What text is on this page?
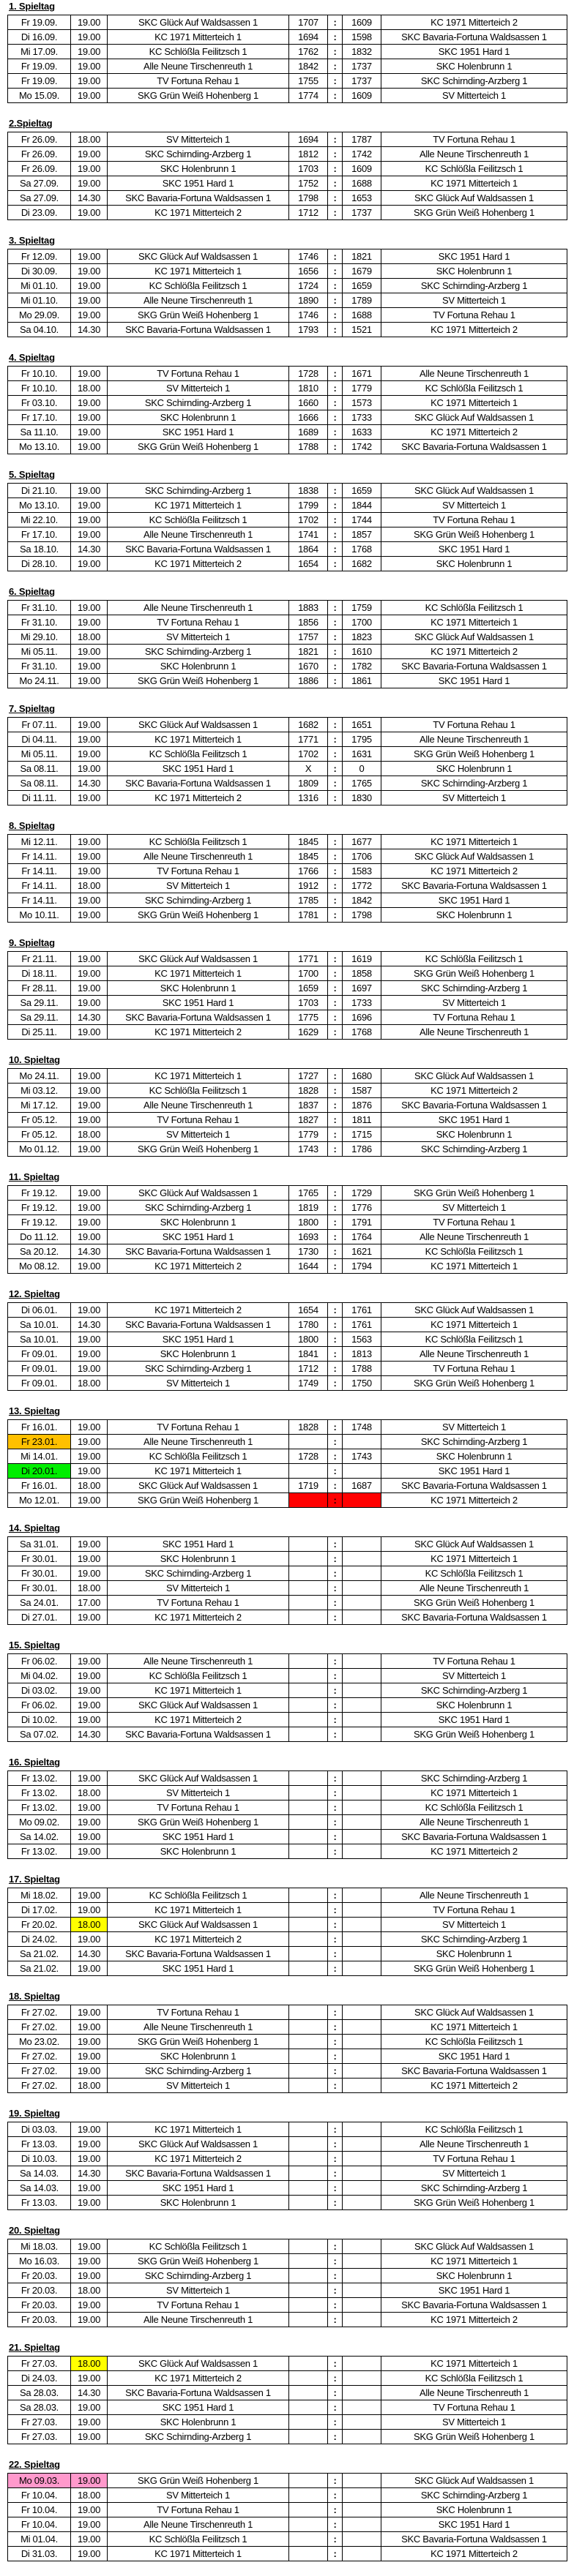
1. Spieltag
Fr 19.09.	19.00	SKC Glück Auf Waldsassen 1	1707	:	1609	KC 1971 Mitterteich 2
Di 16.09.	19.00	KC 1971 Mitterteich 1	1694	:	1598	SKC Bavaria-Fortuna Waldsassen 1
Mi 17.09.	19.00	KC Schlößla Feilitzsch 1	1762	:	1832	SKC 1951 Hard 1
Fr 19.09.	19.00	Alle Neune Tirschenreuth 1	1842	:	1737	SKC Holenbrunn 1
Fr 19.09.	19.00	TV Fortuna Rehau 1	1755	:	1737	SKC Schirnding-Arzberg 1
Mo 15.09.	19.00	SKG Grün Weiß Hohenberg 1	1774	:	1609	SV Mitterteich 1
2.Spieltag
Fr 26.09.	18.00	SV Mitterteich 1	1694	:	1787	TV Fortuna Rehau 1
Fr 26.09.	19.00	SKC Schirnding-Arzberg 1	1812	:	1742	Alle Neune Tirschenreuth 1
Fr 26.09.	19.00	SKC Holenbrunn 1	1703	:	1609	KC Schlößla Feilitzsch 1
Sa 27.09.	19.00	SKC 1951 Hard 1	1752	:	1688	KC 1971 Mitterteich 1
Sa 27.09.	14.30	SKC Bavaria-Fortuna Waldsassen 1	1798	:	1653	SKC Glück Auf Waldsassen 1
Di 23.09.	19.00	KC 1971 Mitterteich 2	1712	:	1737	SKG Grün Weiß Hohenberg 1
3. Spieltag
Fr 12.09.	19.00	SKC Glück Auf Waldsassen 1	1746	:	1821	SKC 1951 Hard 1
Di 30.09.	19.00	KC 1971 Mitterteich 1	1656	:	1679	SKC Holenbrunn 1
Mi 01.10.	19.00	KC Schlößla Feilitzsch 1	1724	:	1659	SKC Schirnding-Arzberg 1
Mi 01.10.	19.00	Alle Neune Tirschenreuth 1	1890	:	1789	SV Mitterteich 1
Mo 29.09.	19.00	SKG Grün Weiß Hohenberg 1	1746	:	1688	TV Fortuna Rehau 1
Sa 04.10.	14.30	SKC Bavaria-Fortuna Waldsassen 1	1793	:	1521	KC 1971 Mitterteich 2
4. Spieltag
Fr 10.10.	19.00	TV Fortuna Rehau 1	1728	:	1671	Alle Neune Tirschenreuth 1
Fr 10.10.	18.00	SV Mitterteich 1	1810	:	1779	KC Schlößla Feilitzsch 1
Fr 03.10.	19.00	SKC Schirnding-Arzberg 1	1660	:	1573	KC 1971 Mitterteich 1
Fr 17.10.	19.00	SKC Holenbrunn 1	1666	:	1733	SKC Glück Auf Waldsassen 1
Sa 11.10.	19.00	SKC 1951 Hard 1	1689	:	1633	KC 1971 Mitterteich 2
Mo 13.10.	19.00	SKG Grün Weiß Hohenberg 1	1788	:	1742	SKC Bavaria-Fortuna Waldsassen 1
5. Spieltag
Di 21.10.	19.00	SKC Schirnding-Arzberg 1	1838	:	1659	SKC Glück Auf Waldsassen 1
Mo 13.10.	19.00	KC 1971 Mitterteich 1	1799	:	1844	SV Mitterteich 1
Mi 22.10.	19.00	KC Schlößla Feilitzsch 1	1702	:	1744	TV Fortuna Rehau 1
Fr 17.10.	19.00	Alle Neune Tirschenreuth 1	1741	:	1857	SKG Grün Weiß Hohenberg 1
Sa 18.10.	14.30	SKC Bavaria-Fortuna Waldsassen 1	1864	:	1768	SKC 1951 Hard 1
Di 28.10.	19.00	KC 1971 Mitterteich 2	1654	:	1682	SKC Holenbrunn 1
6. Spieltag
Fr 31.10.	19.00	Alle Neune Tirschenreuth 1	1883	:	1759	KC Schlößla Feilitzsch 1
Fr 31.10.	19.00	TV Fortuna Rehau 1	1856	:	1700	KC 1971 Mitterteich 1
Mi 29.10.	18.00	SV Mitterteich 1	1757	:	1823	SKC Glück Auf Waldsassen 1
Mi 05.11.	19.00	SKC Schirnding-Arzberg 1	1821	:	1610	KC 1971 Mitterteich 2
Fr 31.10.	19.00	SKC Holenbrunn 1	1670	:	1782	SKC Bavaria-Fortuna Waldsassen 1
Mo 24.11.	19.00	SKG Grün Weiß Hohenberg 1	1886	:	1861	SKC 1951 Hard 1
7. Spieltag
Fr 07.11.	19.00	SKC Glück Auf Waldsassen 1	1682	:	1651	TV Fortuna Rehau 1
Di 04.11.	19.00	KC 1971 Mitterteich 1	1771	:	1795	Alle Neune Tirschenreuth 1
Mi 05.11.	19.00	KC Schlößla Feilitzsch 1	1702	:	1631	SKG Grün Weiß Hohenberg 1
Sa 08.11.	19.00	SKC 1951 Hard 1	X	:	0	SKC Holenbrunn 1
Sa 08.11.	14.30	SKC Bavaria-Fortuna Waldsassen 1	1809	:	1765	SKC Schirnding-Arzberg 1
Di 11.11.	19.00	KC 1971 Mitterteich 2	1316	:	1830	SV Mitterteich 1
8. Spieltag
Mi 12.11.	19.00	KC Schlößla Feilitzsch 1	1845	:	1677	KC 1971 Mitterteich 1
Fr 14.11.	19.00	Alle Neune Tirschenreuth 1	1845	:	1706	SKC Glück Auf Waldsassen 1
Fr 14.11.	19.00	TV Fortuna Rehau 1	1766	:	1583	KC 1971 Mitterteich 2
Fr 14.11.	18.00	SV Mitterteich 1	1912	:	1772	SKC Bavaria-Fortuna Waldsassen 1
Fr 14.11.	19.00	SKC Schirnding-Arzberg 1	1785	:	1842	SKC 1951 Hard 1
Mo 10.11.	19.00	SKG Grün Weiß Hohenberg 1	1781	:	1798	SKC Holenbrunn 1
9. Spieltag
Fr 21.11.	19.00	SKC Glück Auf Waldsassen 1	1771	:	1619	KC Schlößla Feilitzsch 1
Di 18.11.	19.00	KC 1971 Mitterteich 1	1700	:	1858	SKG Grün Weiß Hohenberg 1
Fr 28.11.	19.00	SKC Holenbrunn 1	1659	:	1697	SKC Schirnding-Arzberg 1
Sa 29.11.	19.00	SKC 1951 Hard 1	1703	:	1733	SV Mitterteich 1
Sa 29.11.	14.30	SKC Bavaria-Fortuna Waldsassen 1	1775	:	1696	TV Fortuna Rehau 1
Di 25.11.	19.00	KC 1971 Mitterteich 2	1629	:	1768	Alle Neune Tirschenreuth 1
10. Spieltag
Mo 24.11.	19.00	KC 1971 Mitterteich 1	1727	:	1680	SKC Glück Auf Waldsassen 1
Mi 03.12.	19.00	KC Schlößla Feilitzsch 1	1828	:	1587	KC 1971 Mitterteich 2
Mi 17.12.	19.00	Alle Neune Tirschenreuth 1	1837	:	1876	SKC Bavaria-Fortuna Waldsassen 1
Fr 05.12.	19.00	TV Fortuna Rehau 1	1827	:	1811	SKC 1951 Hard 1
Fr 05.12.	18.00	SV Mitterteich 1	1779	:	1715	SKC Holenbrunn 1
Mo 01.12.	19.00	SKG Grün Weiß Hohenberg 1	1743	:	1786	SKC Schirnding-Arzberg 1
11. Spieltag
Fr 19.12.	19.00	SKC Glück Auf Waldsassen 1	1765	:	1729	SKG Grün Weiß Hohenberg 1
Fr 19.12.	19.00	SKC Schirnding-Arzberg 1	1819	:	1776	SV Mitterteich 1
Fr 19.12.	19.00	SKC Holenbrunn 1	1800	:	1791	TV Fortuna Rehau 1
Do 11.12.	19.00	SKC 1951 Hard 1	1693	:	1764	Alle Neune Tirschenreuth 1
Sa 20.12.	14.30	SKC Bavaria-Fortuna Waldsassen 1	1730	:	1621	KC Schlößla Feilitzsch 1
Mo 08.12.	19.00	KC 1971 Mitterteich 2	1644	:	1794	KC 1971 Mitterteich 1
12. Spieltag
Di 06.01.	19.00	KC 1971 Mitterteich 2	1654	:	1761	SKC Glück Auf Waldsassen 1
Sa 10.01.	14.30	SKC Bavaria-Fortuna Waldsassen 1	1780	:	1761	KC 1971 Mitterteich 1
Sa 10.01.	19.00	SKC 1951 Hard 1	1800	:	1563	KC Schlößla Feilitzsch 1
Fr 09.01.	19.00	SKC Holenbrunn 1	1841	:	1813	Alle Neune Tirschenreuth 1
Fr 09.01.	19.00	SKC Schirnding-Arzberg 1	1712	:	1788	TV Fortuna Rehau 1
Fr 09.01.	18.00	SV Mitterteich 1	1749	:	1750	SKG Grün Weiß Hohenberg 1
13. Spieltag
Fr 16.01.	19.00	TV Fortuna Rehau 1	1828	:	1748	SV Mitterteich 1
Fr 23.01.	19.00	Alle Neune Tirschenreuth 1		:		SKC Schirnding-Arzberg 1
Mi 14.01.	19.00	KC Schlößla Feilitzsch 1	1728	:	1743	SKC Holenbrunn 1
Di 20.01.	19.00	KC 1971 Mitterteich 1		:		SKC 1951 Hard 1
Fr 16.01.	18.00	SKC Glück Auf Waldsassen 1	1719	:	1687	SKC Bavaria-Fortuna Waldsassen 1
Mo 12.01.	19.00	SKG Grün Weiß Hohenberg 1		:		KC 1971 Mitterteich 2
14. Spieltag
Sa 31.01.	19.00	SKC 1951 Hard 1		:		SKC Glück Auf Waldsassen 1
Fr 30.01.	19.00	SKC Holenbrunn 1		:		KC 1971 Mitterteich 1
Fr 30.01.	19.00	SKC Schirnding-Arzberg 1		:		KC Schlößla Feilitzsch 1
Fr 30.01.	18.00	SV Mitterteich 1		:		Alle Neune Tirschenreuth 1
Sa 24.01.	17.00	TV Fortuna Rehau 1		:		SKG Grün Weiß Hohenberg 1
Di 27.01.	19.00	KC 1971 Mitterteich 2		:		SKC Bavaria-Fortuna Waldsassen 1
15. Spieltag
Fr 06.02.	19.00	Alle Neune Tirschenreuth 1		:		TV Fortuna Rehau 1
Mi 04.02.	19.00	KC Schlößla Feilitzsch 1		:		SV Mitterteich 1
Di 03.02.	19.00	KC 1971 Mitterteich 1		:		SKC Schirnding-Arzberg 1
Fr 06.02.	19.00	SKC Glück Auf Waldsassen 1		:		SKC Holenbrunn 1
Di 10.02.	19.00	KC 1971 Mitterteich 2		:		SKC 1951 Hard 1
Sa 07.02.	14.30	SKC Bavaria-Fortuna Waldsassen 1		:		SKG Grün Weiß Hohenberg 1
16. Spieltag
Fr 13.02.	19.00	SKC Glück Auf Waldsassen 1		:		SKC Schirnding-Arzberg 1
Fr 13.02.	18.00	SV Mitterteich 1		:		KC 1971 Mitterteich 1
Fr 13.02.	19.00	TV Fortuna Rehau 1		:		KC Schlößla Feilitzsch 1
Mo 09.02.	19.00	SKG Grün Weiß Hohenberg 1		:		Alle Neune Tirschenreuth 1
Sa 14.02.	19.00	SKC 1951 Hard 1		:		SKC Bavaria-Fortuna Waldsassen 1
Fr 13.02.	19.00	SKC Holenbrunn 1		:		KC 1971 Mitterteich 2
17. Spieltag
Mi 18.02.	19.00	KC Schlößla Feilitzsch 1		:		Alle Neune Tirschenreuth 1
Di 17.02.	19.00	KC 1971 Mitterteich 1		:		TV Fortuna Rehau 1
Fr 20.02.	18.00	SKC Glück Auf Waldsassen 1		:		SV Mitterteich 1
Di 24.02.	19.00	KC 1971 Mitterteich 2		:		SKC Schirnding-Arzberg 1
Sa 21.02.	14.30	SKC Bavaria-Fortuna Waldsassen 1		:		SKC Holenbrunn 1
Sa 21.02.	19.00	SKC 1951 Hard 1		:		SKG Grün Weiß Hohenberg 1
18. Spieltag
Fr 27.02.	19.00	TV Fortuna Rehau 1		:		SKC Glück Auf Waldsassen 1
Fr 27.02.	19.00	Alle Neune Tirschenreuth 1		:		KC 1971 Mitterteich 1
Mo 23.02.	19.00	SKG Grün Weiß Hohenberg 1		:		KC Schlößla Feilitzsch 1
Fr 27.02.	19.00	SKC Holenbrunn 1		:		SKC 1951 Hard 1
Fr 27.02.	19.00	SKC Schirnding-Arzberg 1		:		SKC Bavaria-Fortuna Waldsassen 1
Fr 27.02.	18.00	SV Mitterteich 1		:		KC 1971 Mitterteich 2
19. Spieltag
Di 03.03.	19.00	KC 1971 Mitterteich 1		:		KC Schlößla Feilitzsch 1
Fr 13.03.	19.00	SKC Glück Auf Waldsassen 1		:		Alle Neune Tirschenreuth 1
Di 10.03.	19.00	KC 1971 Mitterteich 2		:		TV Fortuna Rehau 1
Sa 14.03.	14.30	SKC Bavaria-Fortuna Waldsassen 1		:		SV Mitterteich 1
Sa 14.03.	19.00	SKC 1951 Hard 1		:		SKC Schirnding-Arzberg 1
Fr 13.03.	19.00	SKC Holenbrunn 1		:		SKG Grün Weiß Hohenberg 1
20. Spieltag
Mi 18.03.	19.00	KC Schlößla Feilitzsch 1		:		SKC Glück Auf Waldsassen 1
Mo 16.03.	19.00	SKG Grün Weiß Hohenberg 1		:		KC 1971 Mitterteich 1
Fr 20.03.	19.00	SKC Schirnding-Arzberg 1		:		SKC Holenbrunn 1
Fr 20.03.	18.00	SV Mitterteich 1		:		SKC 1951 Hard 1
Fr 20.03.	19.00	TV Fortuna Rehau 1		:		SKC Bavaria-Fortuna Waldsassen 1
Fr 20.03.	19.00	Alle Neune Tirschenreuth 1		:		KC 1971 Mitterteich 2
21. Spieltag
Fr 27.03.	18.00	SKC Glück Auf Waldsassen 1		:		KC 1971 Mitterteich 1
Di 24.03.	19.00	KC 1971 Mitterteich 2		:		KC Schlößla Feilitzsch 1
Sa 28.03.	14.30	SKC Bavaria-Fortuna Waldsassen 1		:		Alle Neune Tirschenreuth 1
Sa 28.03.	19.00	SKC 1951 Hard 1		:		TV Fortuna Rehau 1
Fr 27.03.	19.00	SKC Holenbrunn 1		:		SV Mitterteich 1
Fr 27.03.	19.00	SKC Schirnding-Arzberg 1		:		SKG Grün Weiß Hohenberg 1
22. Spieltag
Mo 09.03.	19.00	SKG Grün Weiß Hohenberg 1		:		SKC Glück Auf Waldsassen 1
Fr 10.04.	18.00	SV Mitterteich 1		:		SKC Schirnding-Arzberg 1
Fr 10.04.	19.00	TV Fortuna Rehau 1		:		SKC Holenbrunn 1
Fr 10.04.	19.00	Alle Neune Tirschenreuth 1		:		SKC 1951 Hard 1
Mi 01.04.	19.00	KC Schlößla Feilitzsch 1		:		SKC Bavaria-Fortuna Waldsassen 1
Di 31.03.	19.00	KC 1971 Mitterteich 1		:		KC 1971 Mitterteich 2
